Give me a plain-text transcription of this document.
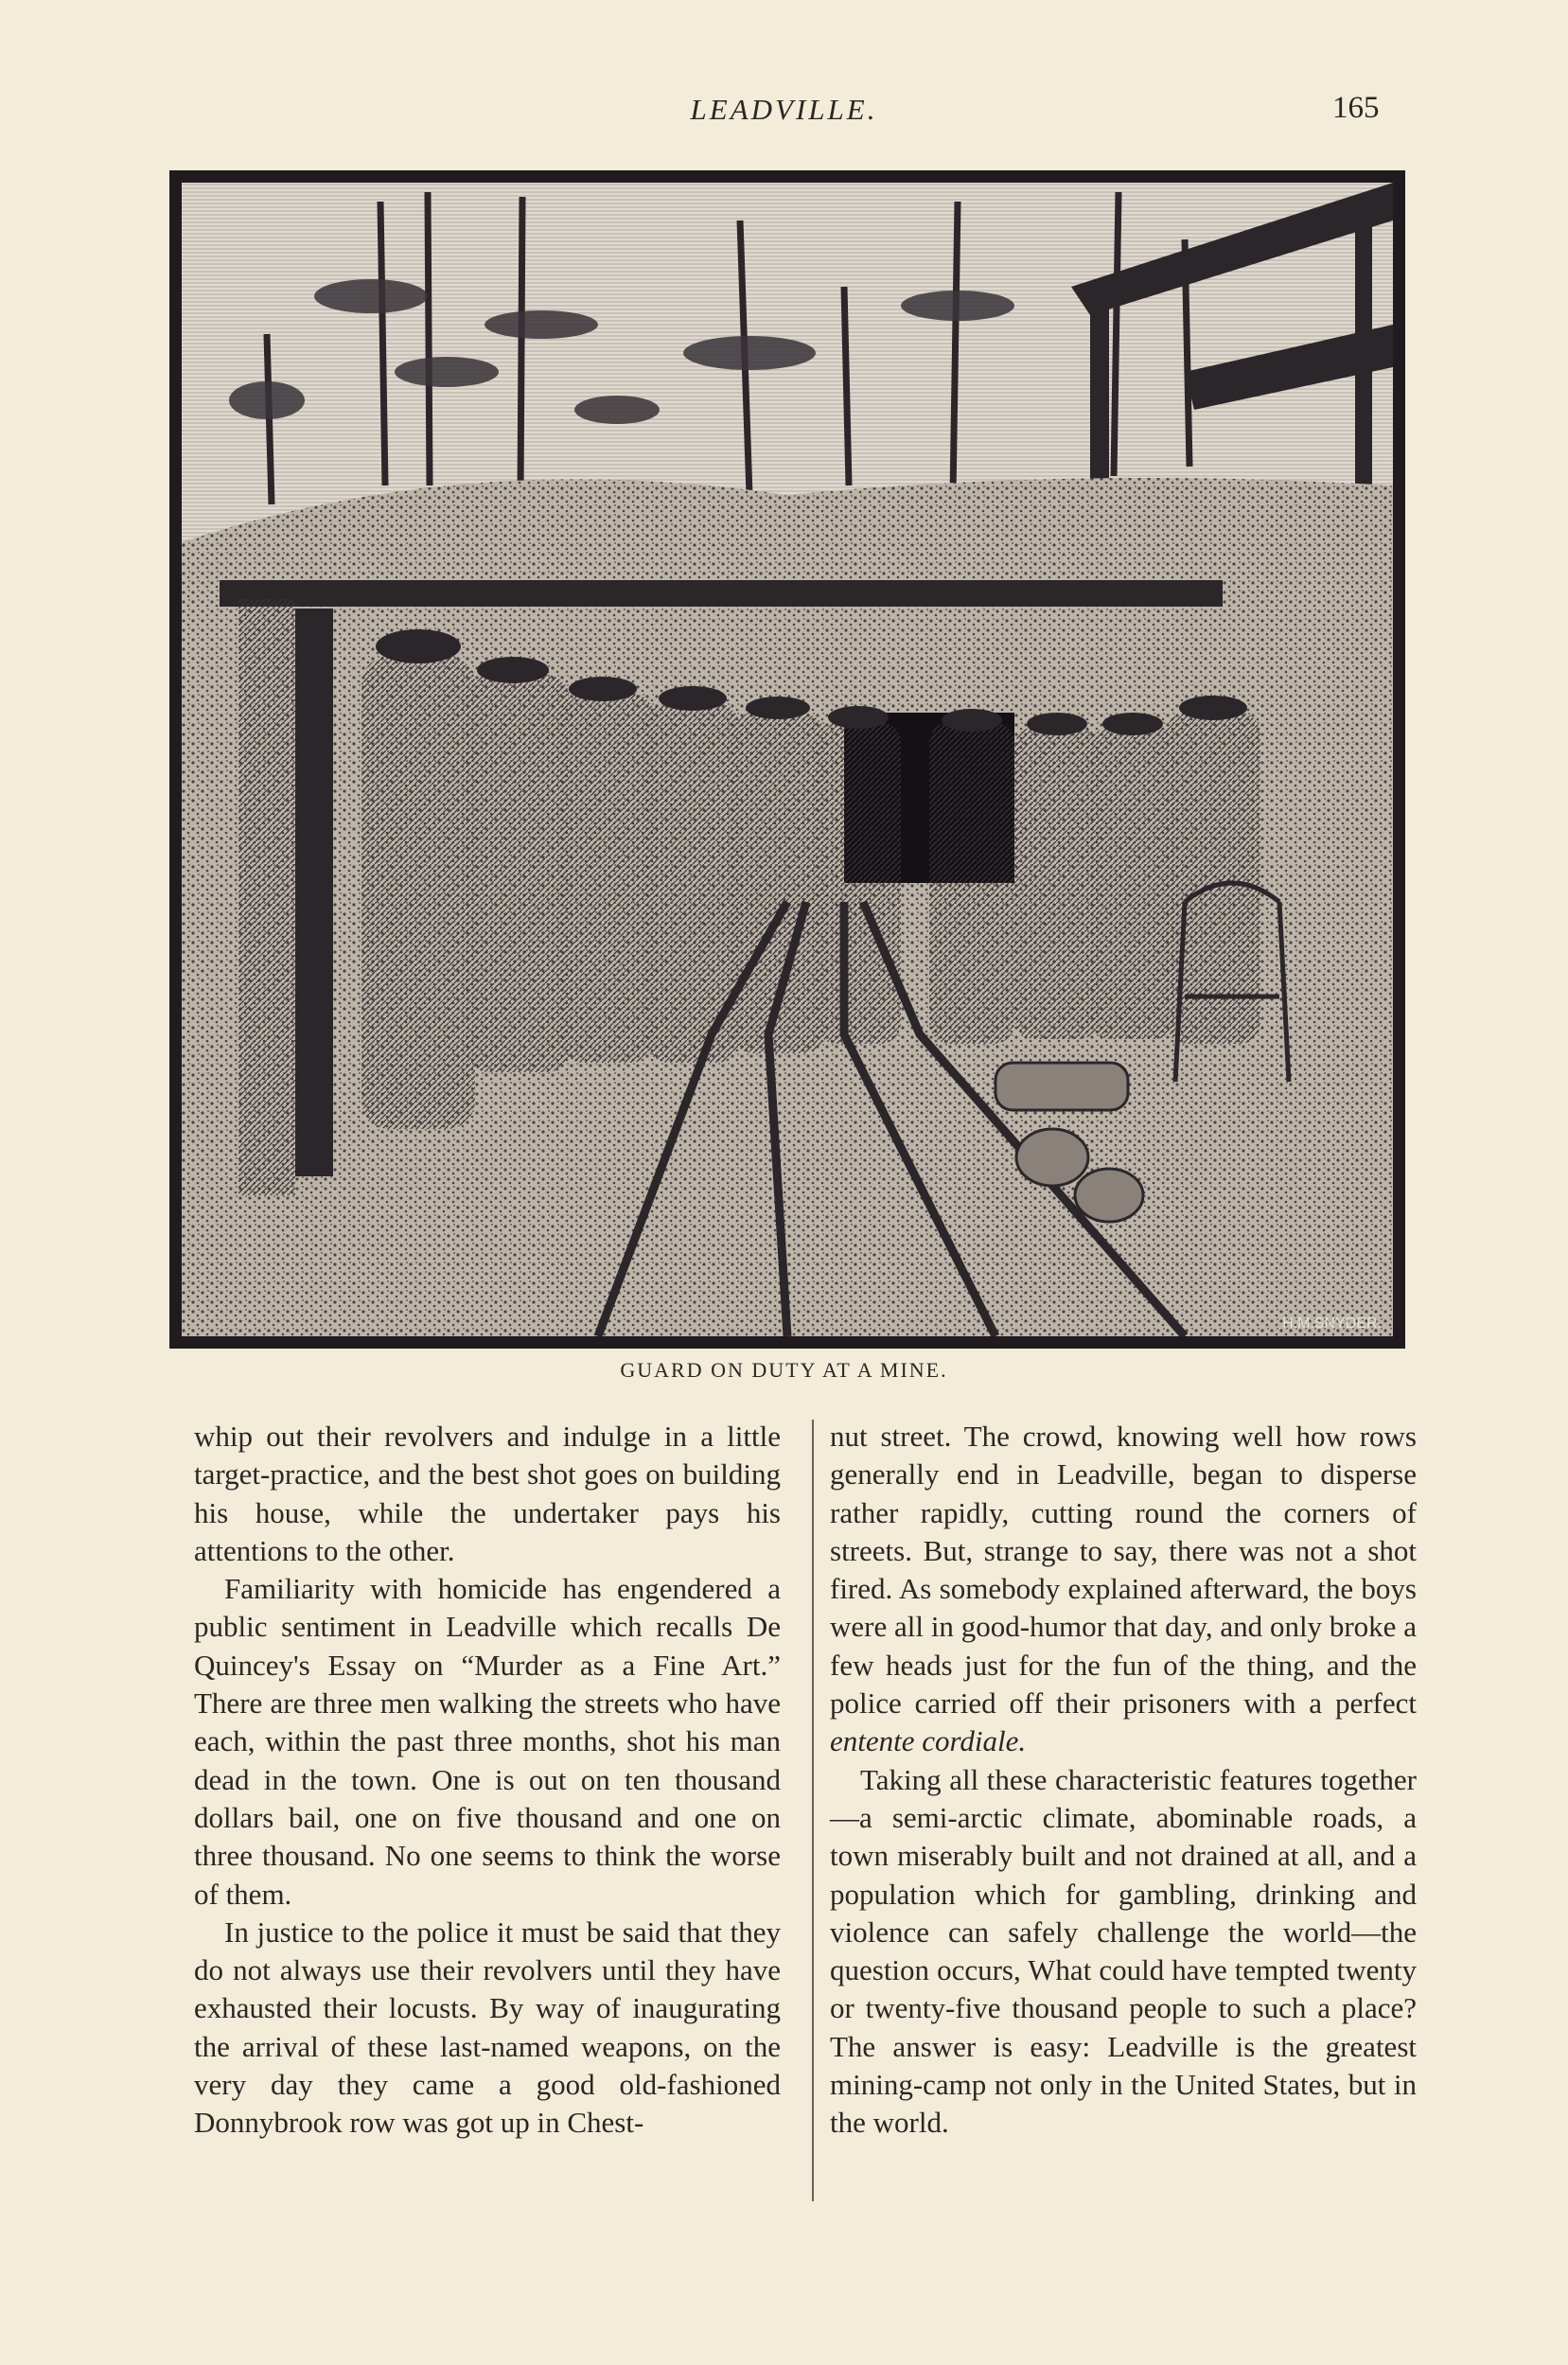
LEADVILLE.	165
H.M.SNYDER.
GUARD ON DUTY AT A MINE.

whip out their revolvers and indulge in a little target-practice, and the best shot goes on building his house, while the undertaker pays his attentions to the other.

Familiarity with homicide has engendered a public sentiment in Leadville which recalls De Quincey's Essay on “Murder as a Fine Art.” There are three men walking the streets who have each, within the past three months, shot his man dead in the town. One is out on ten thousand dollars bail, one on five thousand and one on three thousand. No one seems to think the worse of them.

In justice to the police it must be said that they do not always use their revolvers until they have exhausted their locusts. By way of inaugurating the arrival of these last-named weapons, on the very day they came a good old-fashioned Donnybrook row was got up in Chest-

nut street. The crowd, knowing well how rows generally end in Leadville, began to disperse rather rapidly, cutting round the corners of streets. But, strange to say, there was not a shot fired. As somebody explained afterward, the boys were all in good-humor that day, and only broke a few heads just for the fun of the thing, and the police carried off their prisoners with a perfect entente cordiale.

Taking all these characteristic features together—a semi-arctic climate, abominable roads, a town miserably built and not drained at all, and a population which for gambling, drinking and violence can safely challenge the world—the question occurs, What could have tempted twenty or twenty-five thousand people to such a place? The answer is easy: Leadville is the greatest mining-camp not only in the United States, but in the world.
